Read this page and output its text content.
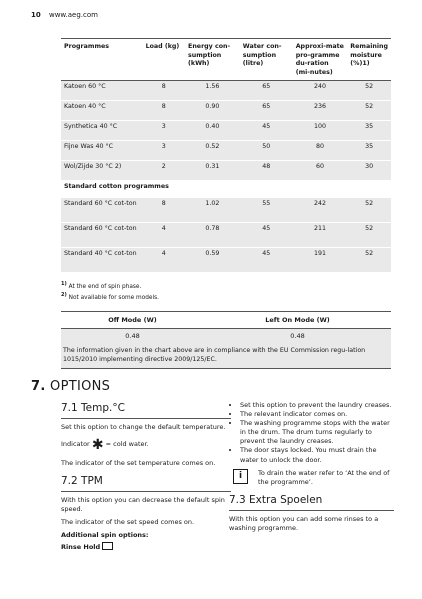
10 www.aeg.com
Programmes	Load (kg)	Energy con-sumption (kWh)	Water con-sumption (litre)	Approxi-mate pro-gramme du-ration (mi-nutes)	Remaining moisture (%)1)
Katoen 60 °C	8	1.56	65	240	52
Katoen 40 °C	8	0.90	65	236	52
Synthetica 40 °C	3	0.40	45	100	35
Fijne Was 40 °C	3	0.52	50	80	35
Wol/Zijde 30 °C 2)	2	0.31	48	60	30
Standard cotton programmes					
Standard 60 °C cot-ton	8	1.02	55	242	52
Standard 60 °C cot-ton	4	0.78	45	211	52
Standard 40 °C cot-ton	4	0.59	45	191	52
$^{1)}$ At the end of spin phase.
$^{2)}$ Not available for some models.
Off Mode (W)	Left On Mode (W)
0.48	0.48
The information given in the chart above are in compliance with the EU Commission regu-lation 1015/2010 implementing directive 2009/125/EC.
7. OPTIONS
7.1 Temp.°C

Set this option to change the default temperature.

Indicator ✱ = cold water.

The indicator of the set temperature comes on.

7.2 TPM

With this option you can decrease the default spin speed.

The indicator of the set speed comes on.

Additional spin options:

Rinse Hold

• Set this option to prevent the laundry creases.
• The relevant indicator comes on.
• The washing programme stops with the water in the drum. The drum turns regularly to prevent the laundry creases.
• The door stays locked. You must drain the water to unlock the door.
i	To drain the water refer to ‘At the end of the programme’.
7.3 Extra Spoelen

With this option you can add some rinses to a washing programme.
